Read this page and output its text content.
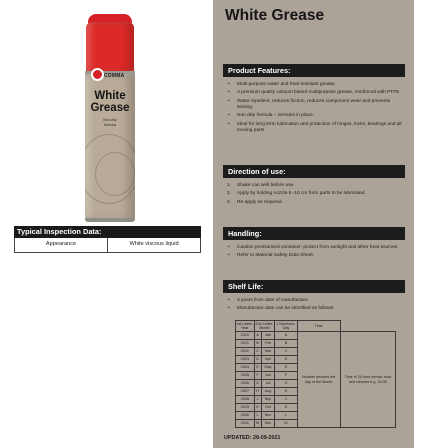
COMMA
White
Grease
Non-drip
formula
Typical Inspection Data:
Appearance	White viscous liquid
White Grease
Product Features:
• Multi-purpose water and heat resistant grease.
• A premium quality calcium based multipurpose grease, reinforced with PTFE.
• Water repellent, reduces friction, reduces component wear and prevents seizing.
• Non drip formula – remains in place.
• Ideal for long term lubrication and protection of hinges, locks, bearings and all moving parts
Direction of use:
1. Shake can well before use.
2. Apply by holding nozzle 5 -10 cm from parts to be lubricated.
3. Re-apply as required.
Handling:
• Caution pressurised container: protect from sunlight and other heat sources.
• Refer to Material Safety Data Sheet.
Shelf Life:
• 3 years from date of manufacture.
• Manufacture date can be identified as follows:
1st Letter-Year	2nd Letter-Month		2 Numbers-Day	Time	
2020	A	Jan	A	Number denotes the day of the Month	Time in 24 hour format; hour and minutes e.g. 16:05
2021	B	Feb	B		
2022	C	Mar	C		
2023	D	Apr	D		
2024	E	May	E		
2025	F	Jun	F		
2026	G	Jul	G		
2027	H	Aug	H		
2028	J	Sep	J		
2029	K	Oct	K		
2030	L	Nov	L		
2031	M	Dec	M		
UPDATED: 28-09-2021
